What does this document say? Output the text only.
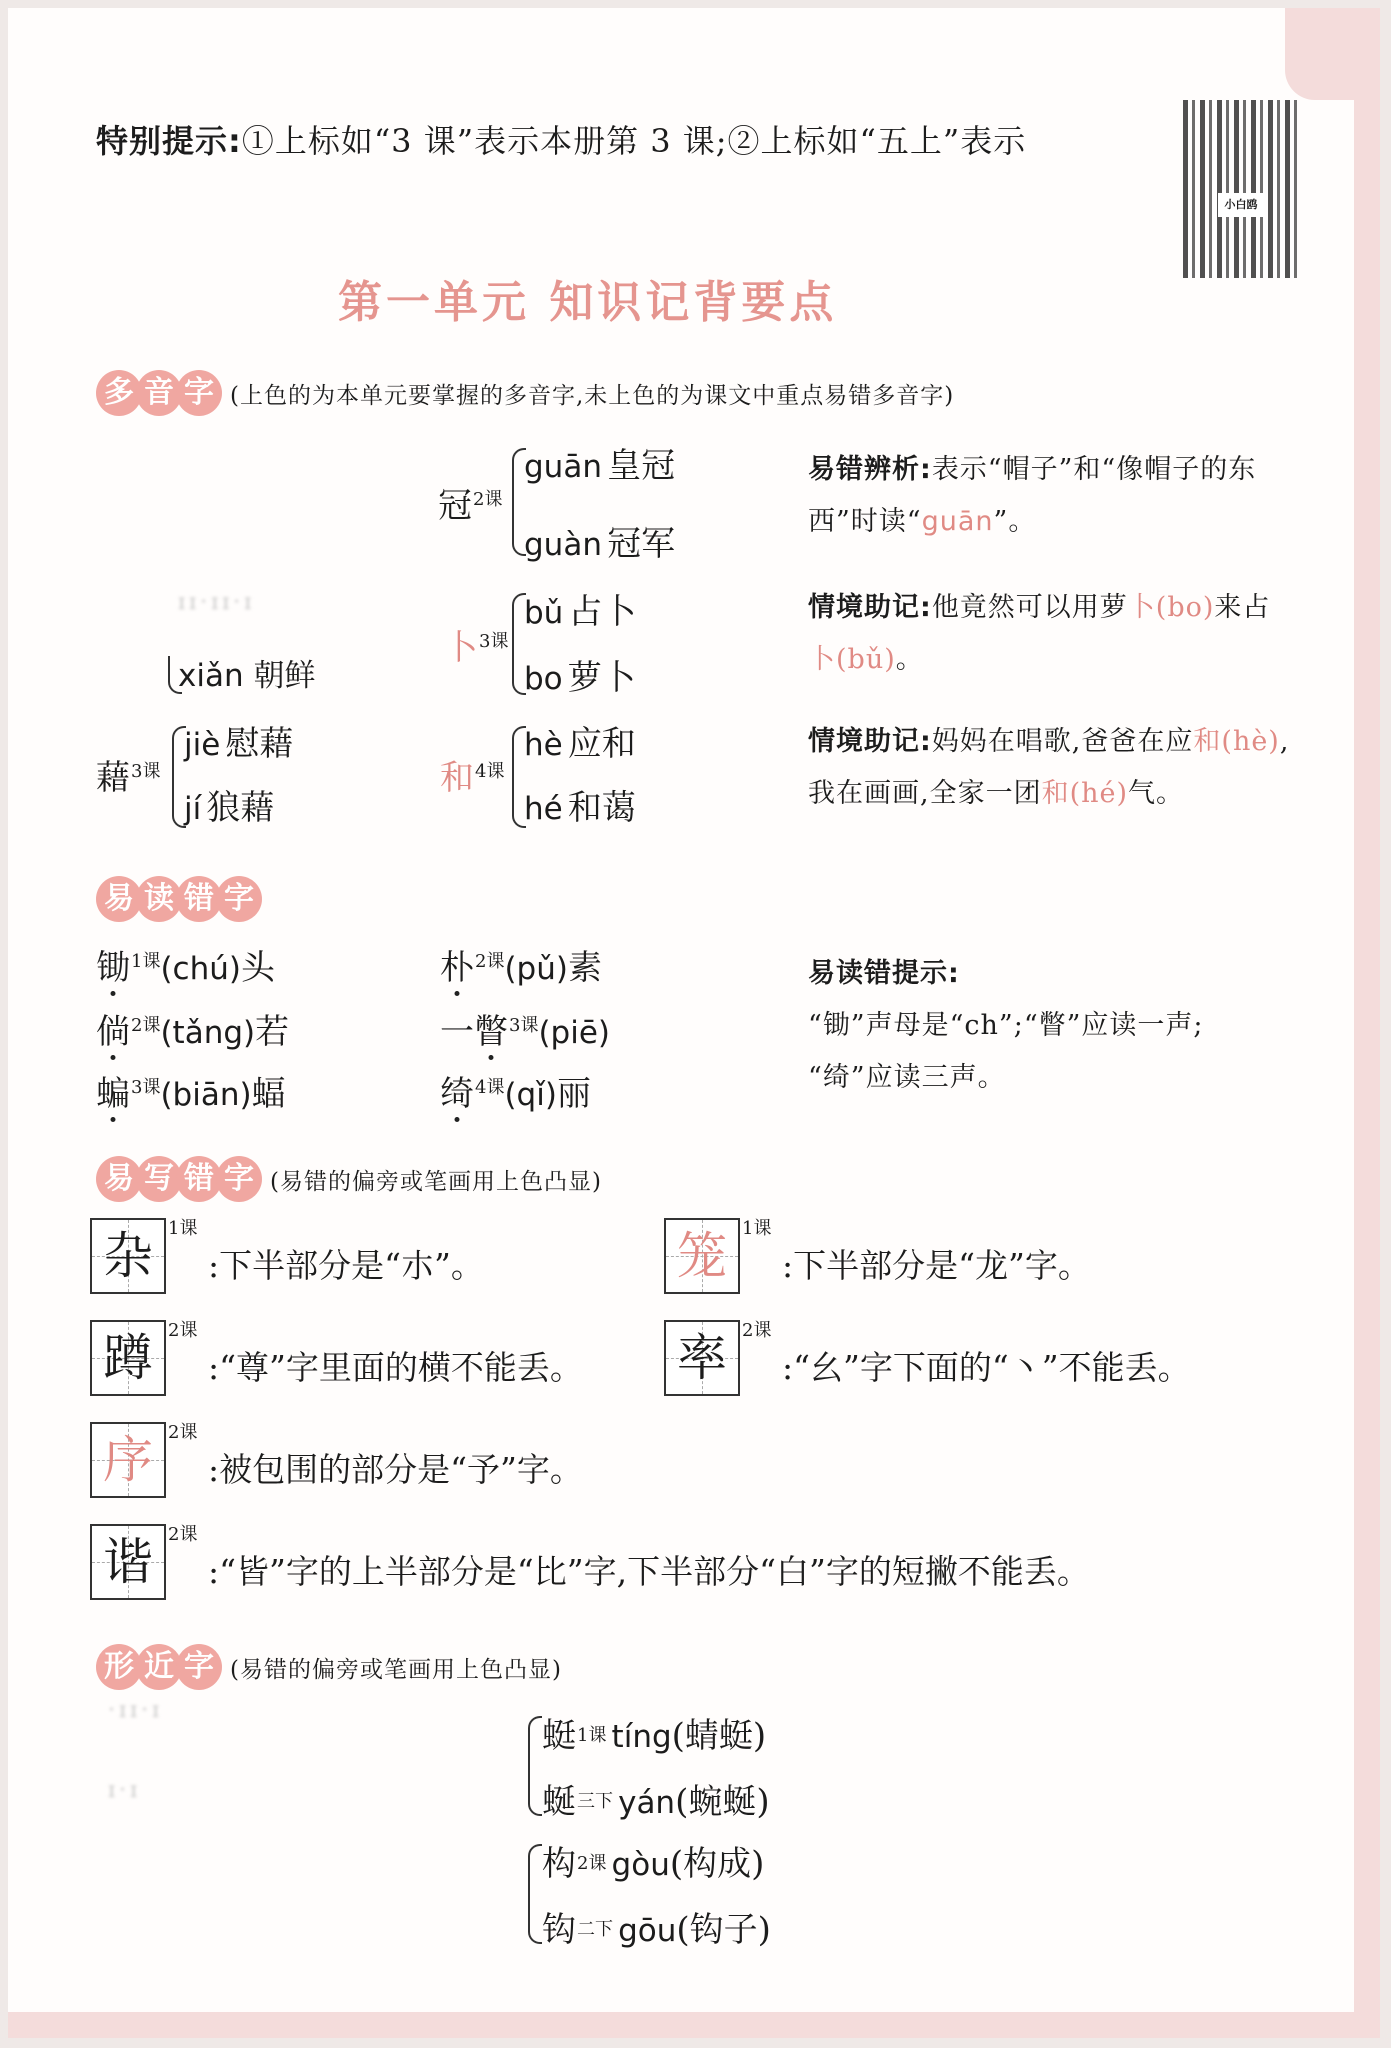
特别提示:①上标如“3 课”表示本册第 3 课;②上标如“五上”表示
小白鸥
第一单元 知识记背要点
多 音 字 (上色的为本单元要掌握的多音字,未上色的为课文中重点易错多音字)
冠$^{2课}$
guān 皇冠
guàn 冠军
卜$^{3课}$
bǔ 占卜
bo 萝卜
ɪɪ·ɪɪ·ɪ
xiǎn 朝鲜
藉$^{3课}$
jiè 慰藉
jí 狼藉
和$^{4课}$
hè 应和
hé 和蔼
易错辨析:表示“帽子”和“像帽子的东西”时读“guān”。
情境助记:他竟然可以用萝卜(bo)来占卜(bǔ)。
情境助记:妈妈在唱歌,爸爸在应和(hè),我在画画,全家一团和(hé)气。
易 读 错 字
锄$^{1课}$(chú)头
倘$^{2课}$(tǎng)若
蝙$^{3课}$(biān)蝠
朴$^{2课}$(pǔ)素
一瞥$^{3课}$(piē)
绮$^{4课}$(qǐ)丽
易读错提示:
“锄”声母是“ch”;“瞥”应读一声;
“绮”应读三声。
易 写 错 字 (易错的偏旁或笔画用上色凸显)
杂 1课
:下半部分是“朩”。	笼 1课
:下半部分是“龙”字。
蹲 2课
:“尊”字里面的横不能丢。 率 2课
:“幺”字下面的“丶”不能丢。
序 2课
:被包围的部分是“予”字。
谐 2课
:“皆”字的上半部分是“比”字,下半部分“白”字的短撇不能丢。
形 近 字 (易错的偏旁或笔画用上色凸显)
·ɪɪ·ɪ
ɪ·ɪ
蜓1课 tíng(蜻蜓)
蜒三下 yán(蜿蜒)
构2课 gòu(构成)
钩二下 gōu(钩子)
